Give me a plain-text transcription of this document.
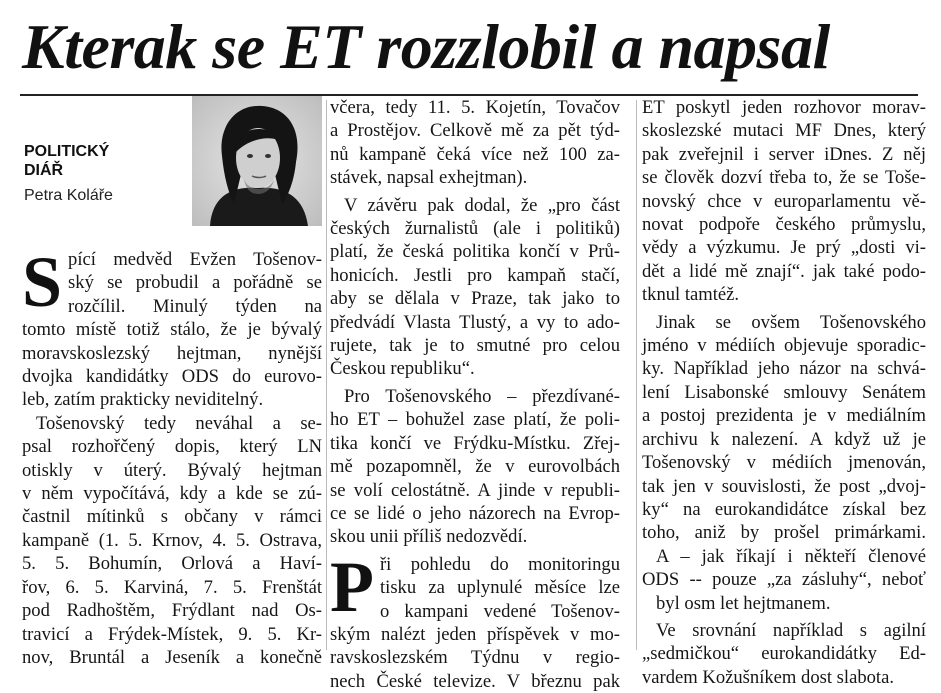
Kterak se ET rozzlobil a napsal
POLITICKÝ
DIÁŘ
Petra Koláře

S pící medvěd Evžen Tošenov-
ský se probudil a pořádně se
rozčílil. Minulý týden na
tomto místě totiž stálo, že je bývalý
moravskoslezský hejtman, nynější
dvojka kandidátky ODS do eurovo-
leb, zatím prakticky neviditelný.

Tošenovský tedy neváhal a se-
psal rozhořčený dopis, který LN
otiskly v úterý. Bývalý hejtman
v něm vypočítává, kdy a kde se zú-
častnil mítinků s občany v rámci
kampaně (1. 5. Krnov, 4. 5. Ostrava,
5. 5. Bohumín, Orlová a Haví-
řov, 6. 5. Karviná, 7. 5. Frenštát
pod Radhoštěm, Frýdlant nad Os-
travicí a Frýdek-Místek, 9. 5. Kr-
nov, Bruntál a Jeseník a konečně

včera, tedy 11. 5. Kojetín, Tovačov
a Prostějov. Celkově mě za pět týd-
nů kampaně čeká více než 100 za-
stávek, napsal exhejtman).

V závěru pak dodal, že „pro část
českých žurnalistů (ale i politiků)
platí, že česká politika končí v Prů-
honicích. Jestli pro kampaň stačí,
aby se dělala v Praze, tak jako to
předvádí Vlasta Tlustý, a vy to ado-
rujete, tak je to smutné pro celou
Českou republiku“.

Pro Tošenovského – přezdívané-
ho ET – bohužel zase platí, že poli-
tika končí ve Frýdku-Místku. Zřej-
mě pozapomněl, že v eurovolbách
se volí celostátně. A jinde v republi-
ce se lidé o jeho názorech na Evrop-
skou unii příliš nedozvědí.

P ři pohledu do monitoringu
tisku za uplynulé měsíce lze
o kampani vedené Tošenov-
ským nalézt jeden příspěvek v mo-
ravskoslezském Týdnu v regio-
nech České televize. V březnu pak

ET poskytl jeden rozhovor morav-
skoslezské mutaci MF Dnes, který
pak zveřejnil i server iDnes. Z něj
se člověk dozví třeba to, že se Toše-
novský chce v europarlamentu vě-
novat podpoře českého průmyslu,
vědy a výzkumu. Je prý „dosti vi-
dět a lidé mě znají“. jak také podo-
tknul tamtéž.

Jinak se ovšem Tošenovského
jméno v médiích objevuje sporadic-
ky. Například jeho názor na schvá-
lení Lisabonské smlouvy Senátem
a postoj prezidenta je v mediálním
archivu k nalezení. A když už je
Tošenovský v médiích jmenován,
tak jen v souvislosti, že post „dvoj-
ky“ na eurokandidátce získal bez
toho, aniž by prošel primárkami.
A – jak říkají i někteří členové
ODS -- pouze „za zásluhy“, neboť
byl osm let hejtmanem.

Ve srovnání například s agilní
„sedmičkou“ eurokandidátky Ed-
vardem Kožušníkem dost slabota.
